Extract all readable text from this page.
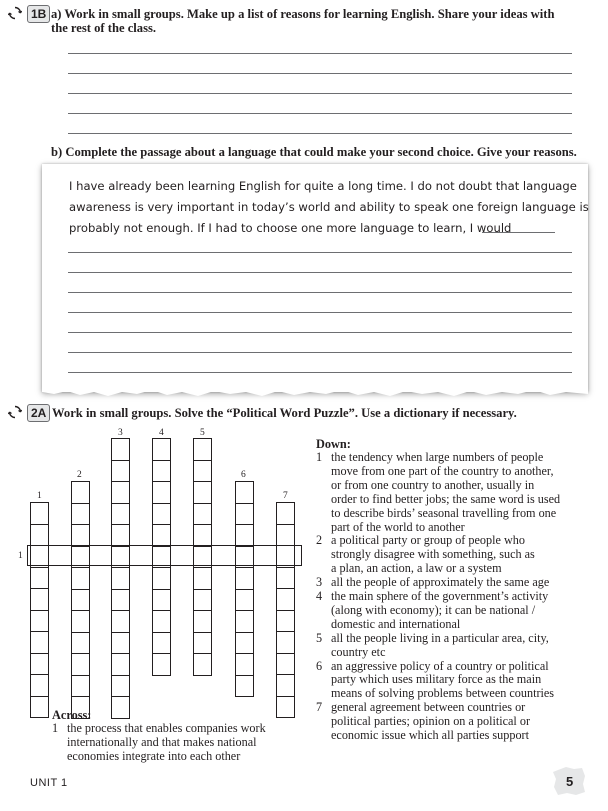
1B a) Work in small groups. Make up a list of reasons for learning English. Share your ideas with
the rest of the class.
b) Complete the passage about a language that could make your second choice. Give your reasons.
I have already been learning English for quite a long time. I do not doubt that language
awareness is very important in today’s world and ability to speak one foreign language is
probably not enough. If I had to choose one more language to learn, I would
2A Work in small groups. Solve the “Political Word Puzzle”. Use a dictionary if necessary.
1
2
3	4	5
6
7
1
Down:
1 the tendency when large numbers of people
move from one part of the country to another,
or from one country to another, usually in
order to find better jobs; the same word is used
to describe birds’ seasonal travelling from one
part of the world to another
2 a political party or group of people who
strongly disagree with something, such as
a plan, an action, a law or a system
3 all the people of approximately the same age
4 the main sphere of the government’s activity
(along with economy); it can be national /
domestic and international
5 all the people living in a particular area, city,
country etc
6 an aggressive policy of a country or political
party which uses military force as the main
means of solving problems between countries
7 general agreement between countries or
political parties; opinion on a political or
economic issue which all parties support
Across:
1 the process that enables companies work
internationally and that makes national
economies integrate into each other
UNIT 1	5
